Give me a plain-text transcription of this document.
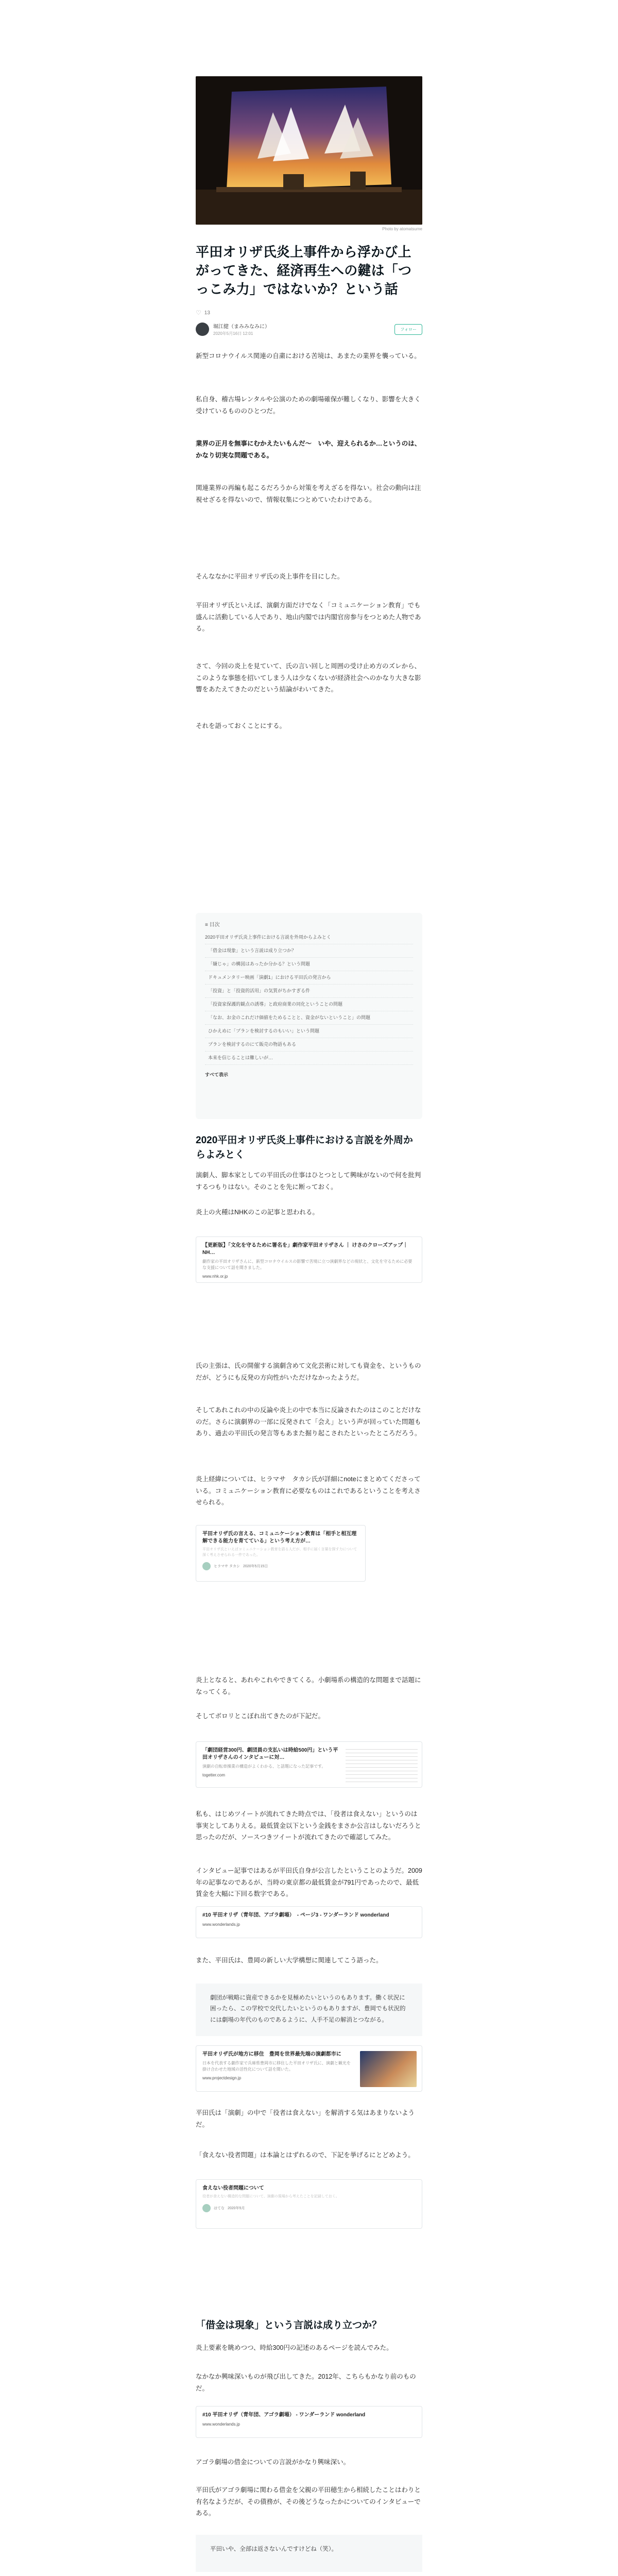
Photo by atomatsume
平田オリザ氏炎上事件から浮かび上がってきた、経済再生への鍵は「つっこみ力」ではないか？という話
♡ 13
堀江健（まみみなみに）
2020年5月16日 12:01
フォロー

新型コロナウイルス関連の自粛における苦境は、あまたの業界を襲っている。

私自身、稽古場レンタルや公演のための劇場確保が難しくなり、影響を大きく受けているもののひとつだ。

業界の正月を無事にむかえたいもんだ〜　いや、迎えられるか…というのは、かなり切実な問題である。

関連業界の再編も起こるだろうから対策を考えざるを得ない。社会の動向は注視せざるを得ないので、情報収集につとめていたわけである。

そんななかに平田オリザ氏の炎上事件を目にした。

平田オリザ氏といえば、演劇方面だけでなく「コミュニケーション教育」でも盛んに活動している人であり、地山内閣では内閣官房参与をつとめた人物である。

さて、今回の炎上を見ていて、氏の言い回しと周囲の受け止め方のズレから、このような事態を招いてしまう人は少なくないが経済社会へのかなり大きな影響をあたえてきたのだという結論がわいてきた。

それを語っておくことにする。

≡ 目次
2020平田オリザ氏炎上事件における言説を外周からよみとく
「借金は現象」という言説は成り立つか？
「嫌じゃ」の構図はあったか分かる？という問題
ドキュメンタリー映画「演劇1」における平田氏の発言から
「投資」と「投資的活用」の気質がちかすぎる件
「投資家保護的観点の誘導」と政府商業の同化ということの問題
「なお、お金のこれだけ価値をためることと、資金がないということ」の問題
ひかえめに「プランを検討するのもいい」という問題
プランを検討するのにて販売の物語もある
本来を信じることは難しいが…
すべて表示
2020平田オリザ氏炎上事件における言説を外周からよみとく

演劇人、脚本家としての平田氏の仕事はひとつとして興味がないので何を批判するつもりはない。そのことを先に断っておく。

炎上の火種はNHKのこの記事と思われる。

【更新版】「文化を守るために署名を」劇作家平田オリザさん ｜ けさのクローズアップ｜NH…
劇作家の平田オリザさんに、新型コロナウイルスの影響で苦境に立つ演劇界などの現状と、文化を守るために必要な支援について話を聞きました。
www.nhk.or.jp

氏の主張は、氏の開催する演劇含めて文化芸術に対しても資金を、というものだが、どうにも反発の方向性がいただけなかったようだ。

そしてあれこれの中の反論や炎上の中で本当に反論されたのはこのことだけなのだ。さらに演劇界の一部に反発されて「会え」という声が回っていた問題もあり、過去の平田氏の発言等もあまた掘り起こされたといったところだろう。

炎上経緯については、ヒラマサ　タカシ氏が詳細にnoteにまとめてくださっている。コミュニケーション教育に必要なものはこれであるということを考えさせられる。

平田オリザ氏の言える、コミュニケーション教育は「相手と相互理解できる能力を育てている」という考え方が…
平田オリザ氏といえばコミュニケーション教育を語る人だが、相手に届く言葉を探す力について深く考えさせられる一件であった。
ヒラマサ タカシ 2020年5月15日

炎上となると、あれやこれやできてくる。小劇場系の構造的な問題まで話題になってくる。

そしてボロリとこぼれ出てきたのが下記だ。

「劇団経営300円、劇団員の支払いは時給500円」という平田オリザさんのインタビューに対…
演劇の自転車操業の構造がよくわかる、と話題になった記事です。
togetter.com

私も、はじめツイートが流れてきた時点では、「役者は食えない」というのは事実としてありえる。最低賃金以下という金銭をまさか公言はしないだろうと思ったのだが、ソースつきツイートが流れてきたので確認してみた。

インタビュー記事ではあるが平田氏自身が公言したということのようだ。2009年の記事なのであるが、当時の東京都の最低賃金が791円であったので、最低賃金を大幅に下回る数字である。

#10 平田オリザ（青年団、アゴラ劇場）　- ページ3 - ワンダーランド wonderland
www.wonderlands.jp

また、平田氏は、豊岡の新しい大学構想に関連してこう語った。

劇団が戦略に資産できるかを見極めたいというのもあります。働く状況に困ったら、この学校で交代したいというのもありますが、豊岡でも状況的には劇場の年代のものであるように、人手不足の解消とつながる。
平田オリザ氏が地方に移住　豊岡を世界最先端の演劇都市に
日本を代表する劇作家で兵庫県豊岡市に移住した平田オリザ氏に、演劇と観光を掛け合わせた地域の活性化について話を聞いた。
www.projectdesign.jp

平田氏は「演劇」の中で「役者は食えない」を解消する気はあまりないようだ。

「食えない役者問題」は本論とはずれるので、下記を挙げるにとどめよう。

食えない役者問題について
役者が食えない構造的な問題について、演劇の現場から考えたことを記録しておく。
はてな 2020年5月
「借金は現象」という言説は成り立つか？

炎上要素を眺めつつ、時給300円の記述のあるページを読んでみた。

なかなか興味深いものが飛び出してきた。2012年、こちらもかなり前のものだ。

#10 平田オリザ（青年団、アゴラ劇場） - ワンダーランド wonderland
www.wonderlands.jp

アゴラ劇場の借金についての言説がかなり興味深い。

平田氏がアゴラ劇場に関わる借金を父親の平田穂生から相続したことはわりと有名なようだが、その債務が、その後どうなったかについてのインタビューである。

平田いや、全部は返さないんですけどね（笑）。
